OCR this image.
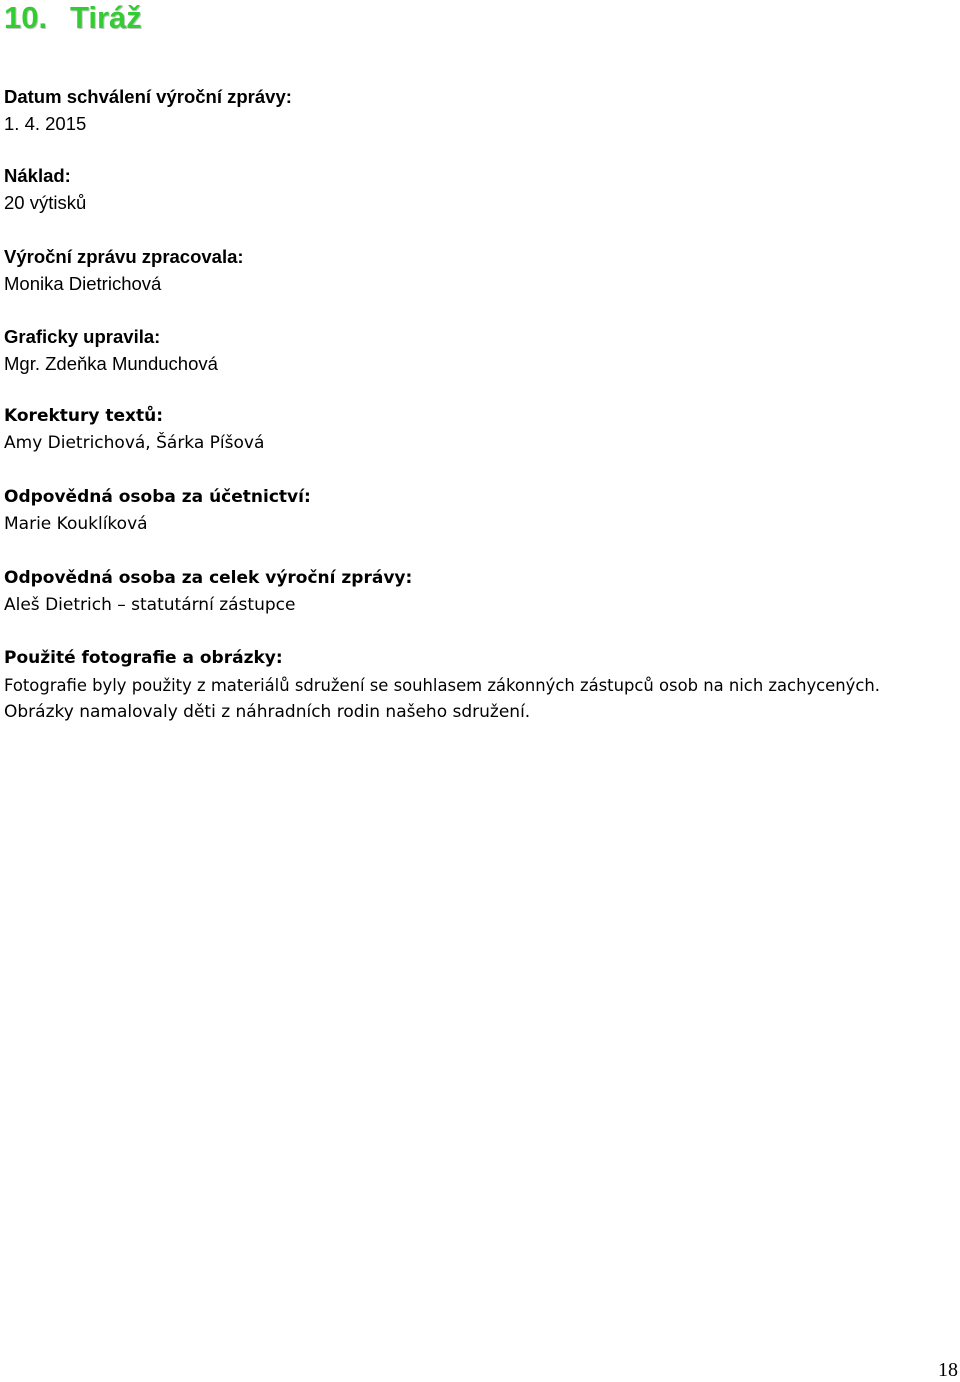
10. Tiráž
Datum schválení výroční zprávy:
1. 4. 2015
Náklad:
20 výtisků
Výroční zprávu zpracovala:
Monika Dietrichová
Graficky upravila:
Mgr. Zdeňka Munduchová
Korektury textů:
Amy Dietrichová, Šárka Píšová
Odpovědná osoba za účetnictví:
Marie Kouklíková
Odpovědná osoba za celek výroční zprávy:
Aleš Dietrich – statutární zástupce
Použité fotografie a obrázky:
Fotografie byly použity z materiálů sdružení se souhlasem zákonných zástupců osob na nich zachycených.
Obrázky namalovaly děti z náhradních rodin našeho sdružení.
18
